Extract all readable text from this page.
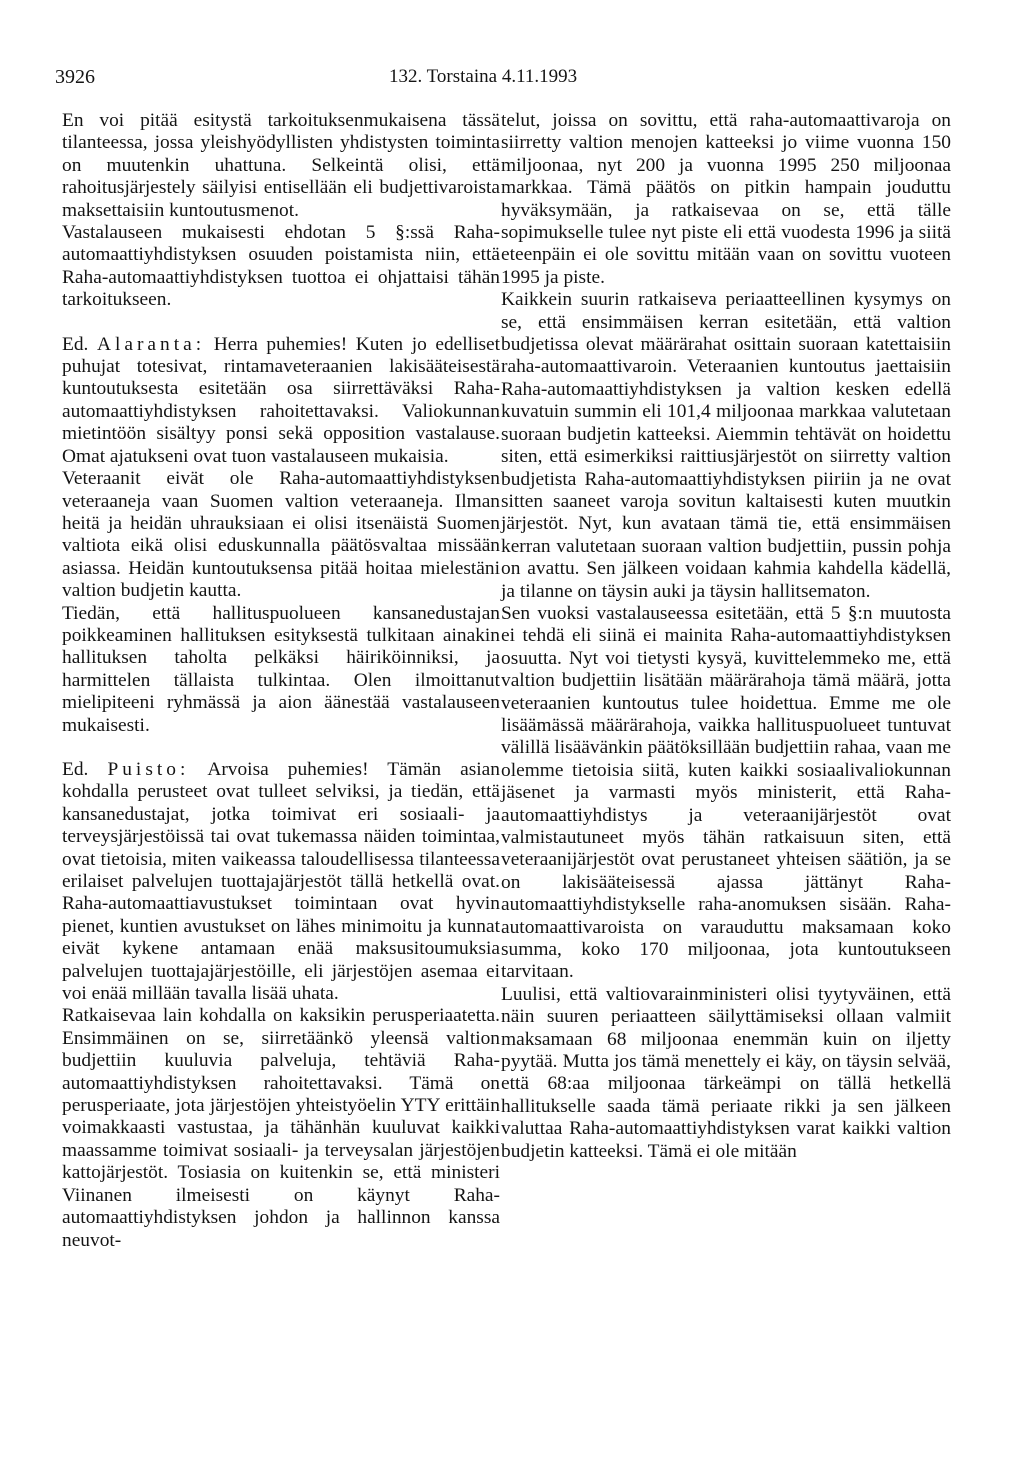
3926	132. Torstaina 4.11.1993

En voi pitää esitystä tarkoituksenmukaisena tässä tilanteessa, jossa yleishyödyllisten yhdistysten toiminta on muutenkin uhattuna. Selkeintä olisi, että rahoitusjärjestely säilyisi entisellään eli budjettivaroista maksettaisiin kuntoutusmenot.

Vastalauseen mukaisesti ehdotan 5 §:ssä Raha-automaattiyhdistyksen osuuden poistamista niin, että Raha-automaattiyhdistyksen tuottoa ei ohjattaisi tähän tarkoitukseen.

Ed. Alaranta: Herra puhemies! Kuten jo edelliset puhujat totesivat, rintamaveteraanien lakisääteisestä kuntoutuksesta esitetään osa siirrettäväksi Raha-automaattiyhdistyksen rahoitettavaksi. Valiokunnan mietintöön sisältyy ponsi sekä opposition vastalause. Omat ajatukseni ovat tuon vastalauseen mukaisia.

Veteraanit eivät ole Raha-automaattiyhdistyksen veteraaneja vaan Suomen valtion veteraaneja. Ilman heitä ja heidän uhrauksiaan ei olisi itsenäistä Suomen valtiota eikä olisi eduskunnalla päätösvaltaa missään asiassa. Heidän kuntoutuksensa pitää hoitaa mielestäni valtion budjetin kautta.

Tiedän, että hallituspuolueen kansanedustajan poikkeaminen hallituksen esityksestä tulkitaan ainakin hallituksen taholta pelkäksi häiriköinniksi, ja harmittelen tällaista tulkintaa. Olen ilmoittanut mielipiteeni ryhmässä ja aion äänestää vastalauseen mukaisesti.

Ed. Puisto: Arvoisa puhemies! Tämän asian kohdalla perusteet ovat tulleet selviksi, ja tiedän, että kansanedustajat, jotka toimivat eri sosiaali- ja terveysjärjestöissä tai ovat tukemassa näiden toimintaa, ovat tietoisia, miten vaikeassa taloudellisessa tilanteessa erilaiset palvelujen tuottajajärjestöt tällä hetkellä ovat. Raha-automaattiavustukset toimintaan ovat hyvin pienet, kuntien avustukset on lähes minimoitu ja kunnat eivät kykene antamaan enää maksusitoumuksia palvelujen tuottajajärjestöille, eli järjestöjen asemaa ei voi enää millään tavalla lisää uhata.

Ratkaisevaa lain kohdalla on kaksikin perusperiaatetta. Ensimmäinen on se, siirretäänkö yleensä valtion budjettiin kuuluvia palveluja, tehtäviä Raha-automaattiyhdistyksen rahoitettavaksi. Tämä on perusperiaate, jota järjestöjen yhteistyöelin YTY erittäin voimakkaasti vastustaa, ja tähänhän kuuluvat kaikki maassamme toimivat sosiaali- ja terveysalan järjestöjen kattojärjestöt. Tosiasia on kuitenkin se, että ministeri Viinanen ilmeisesti on käynyt Raha-automaattiyhdistyksen johdon ja hallinnon kanssa neuvot-

telut, joissa on sovittu, että raha-automaattivaroja on siirretty valtion menojen katteeksi jo viime vuonna 150 miljoonaa, nyt 200 ja vuonna 1995 250 miljoonaa markkaa. Tämä päätös on pitkin hampain jouduttu hyväksymään, ja ratkaisevaa on se, että tälle sopimukselle tulee nyt piste eli että vuodesta 1996 ja siitä eteenpäin ei ole sovittu mitään vaan on sovittu vuoteen 1995 ja piste.

Kaikkein suurin ratkaiseva periaatteellinen kysymys on se, että ensimmäisen kerran esitetään, että valtion budjetissa olevat määrärahat osittain suoraan katettaisiin raha-automaattivaroin. Veteraanien kuntoutus jaettaisiin Raha-automaattiyhdistyksen ja valtion kesken edellä kuvatuin summin eli 101,4 miljoonaa markkaa valutetaan suoraan budjetin katteeksi. Aiemmin tehtävät on hoidettu siten, että esimerkiksi raittiusjärjestöt on siirretty valtion budjetista Raha-automaattiyhdistyksen piiriin ja ne ovat sitten saaneet varoja sovitun kaltaisesti kuten muutkin järjestöt. Nyt, kun avataan tämä tie, että ensimmäisen kerran valutetaan suoraan valtion budjettiin, pussin pohja on avattu. Sen jälkeen voidaan kahmia kahdella kädellä, ja tilanne on täysin auki ja täysin hallitsematon.

Sen vuoksi vastalauseessa esitetään, että 5 §:n muutosta ei tehdä eli siinä ei mainita Raha-automaattiyhdistyksen osuutta. Nyt voi tietysti kysyä, kuvittelemmeko me, että valtion budjettiin lisätään määrärahoja tämä määrä, jotta veteraanien kuntoutus tulee hoidettua. Emme me ole lisäämässä määrärahoja, vaikka hallituspuolueet tuntuvat välillä lisäävänkin päätöksillään budjettiin rahaa, vaan me olemme tietoisia siitä, kuten kaikki sosiaalivaliokunnan jäsenet ja varmasti myös ministerit, että Raha-automaattiyhdistys ja veteraanijärjestöt ovat valmistautuneet myös tähän ratkaisuun siten, että veteraanijärjestöt ovat perustaneet yhteisen säätiön, ja se on lakisääteisessä ajassa jättänyt Raha-automaattiyhdistykselle raha-anomuksen sisään. Raha-automaattivaroista on varauduttu maksamaan koko summa, koko 170 miljoonaa, jota kuntoutukseen tarvitaan.

Luulisi, että valtiovarainministeri olisi tyytyväinen, että näin suuren periaatteen säilyttämiseksi ollaan valmiit maksamaan 68 miljoonaa enemmän kuin on iljetty pyytää. Mutta jos tämä menettely ei käy, on täysin selvää, että 68:aa miljoonaa tärkeämpi on tällä hetkellä hallitukselle saada tämä periaate rikki ja sen jälkeen valuttaa Raha-automaattiyhdistyksen varat kaikki valtion budjetin katteeksi. Tämä ei ole mitään
